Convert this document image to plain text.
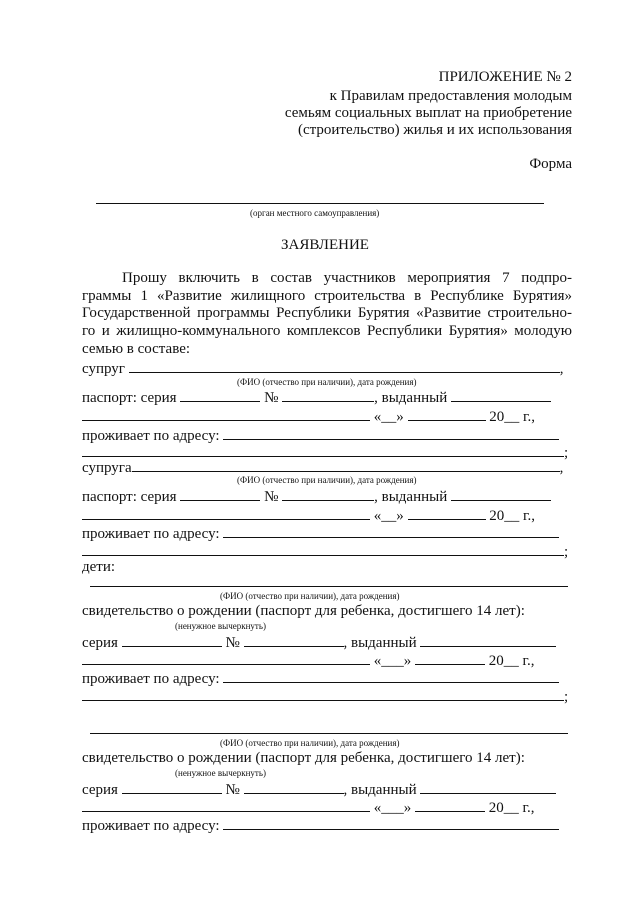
ПРИЛОЖЕНИЕ № 2
к Правилам предоставления молодым
семьям социальных выплат на приобретение
(строительство) жилья и их использования
Форма
(орган местного самоуправления)
ЗАЯВЛЕНИЕ
Прошу включить в состав участников мероприятия 7 подпро-
граммы 1 «Развитие жилищного строительства в Республике Бурятия»
Государственной программы Республики Бурятия «Развитие строительно-
го и жилищно-коммунального комплексов Республики Бурятия» молодую
семью в составе:
супруг	,
(ФИО (отчество при наличии), дата рождения)
паспорт: серия	№	, выданный
«__»	20__ г.,
проживает по адресу:
;
супруга	,
(ФИО (отчество при наличии), дата рождения)
паспорт: серия	№	, выданный
«__»	20__ г.,
проживает по адресу:
;
дети:
(ФИО (отчество при наличии), дата рождения)
свидетельство о рождении (паспорт для ребенка, достигшего 14 лет):
(ненужное вычеркнуть)
серия	№	, выданный
«___»	20__ г.,
проживает по адресу:
;
(ФИО (отчество при наличии), дата рождения)
свидетельство о рождении (паспорт для ребенка, достигшего 14 лет):
(ненужное вычеркнуть)
серия	№	, выданный
«___»	20__ г.,
проживает по адресу:
